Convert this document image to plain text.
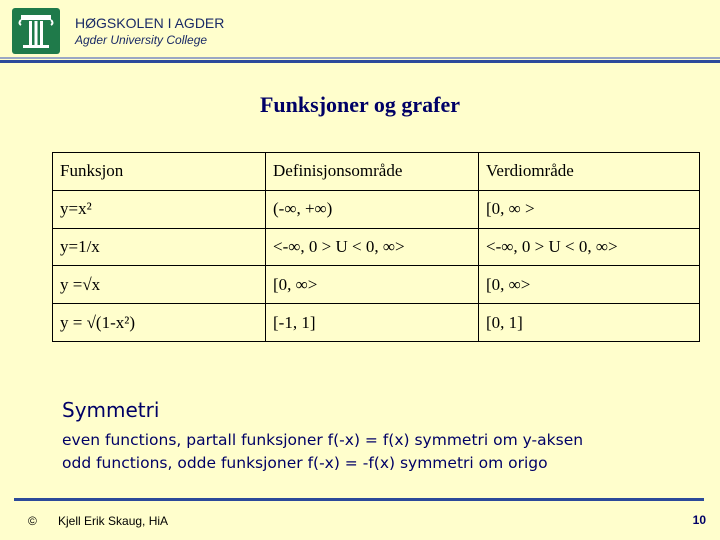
HØGSKOLEN I AGDER
Agder University College
Funksjoner og grafer
Funksjon	Definisjonsområde	Verdiområde
y=x²	(-∞, +∞)	[0, ∞ >
y=1/x	<-∞, 0 > U < 0, ∞>	<-∞, 0 > U < 0, ∞>
y =√x	[0, ∞>	[0, ∞>
y = √(1-x²)	[-1, 1]	[0, 1]
Symmetri
even functions, partall funksjoner f(-x) = f(x) symmetri om y-aksen
odd functions, odde funksjoner f(-x) = -f(x) symmetri om origo
© Kjell Erik Skaug, HiA	10
